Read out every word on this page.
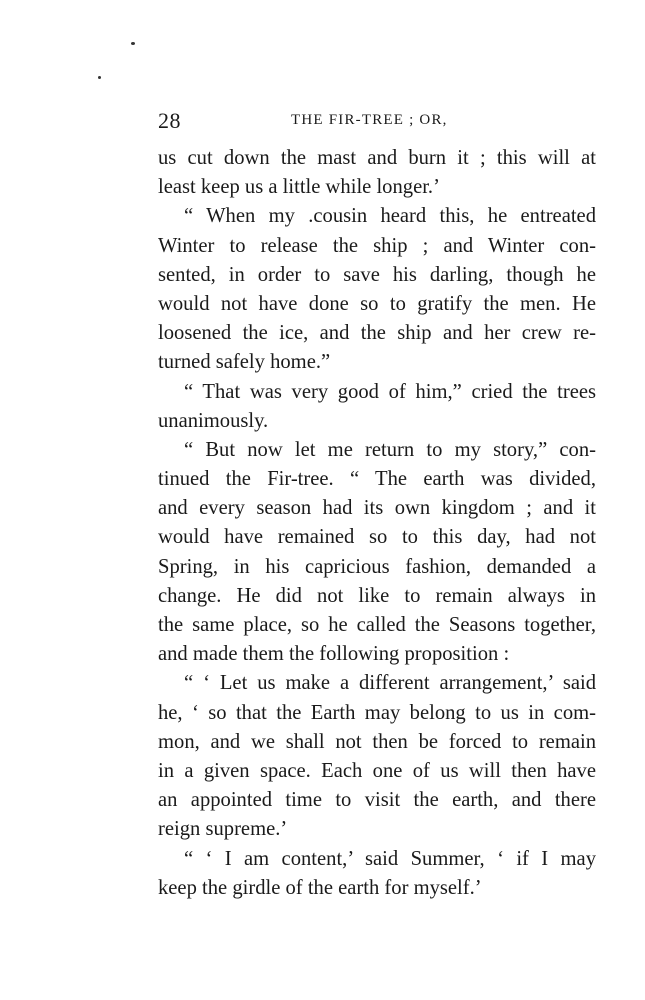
28	THE FIR-TREE ; OR,
us cut down the mast and burn it ; this will at
least keep us a little while longer.’
“ When my .cousin heard this, he entreated
Winter to release the ship ; and Winter con-
sented, in order to save his darling, though he
would not have done so to gratify the men. He
loosened the ice, and the ship and her crew re-
turned safely home.”
“ That was very good of him,” cried the trees
unanimously.
“ But now let me return to my story,” con-
tinued the Fir-tree. “ The earth was divided,
and every season had its own kingdom ; and it
would have remained so to this day, had not
Spring, in his capricious fashion, demanded a
change. He did not like to remain always in
the same place, so he called the Seasons together,
and made them the following proposition :
“ ‘ Let us make a different arrangement,’ said
he, ‘ so that the Earth may belong to us in com-
mon, and we shall not then be forced to remain
in a given space. Each one of us will then have
an appointed time to visit the earth, and there
reign supreme.’
“ ‘ I am content,’ said Summer, ‘ if I may
keep the girdle of the earth for myself.’
